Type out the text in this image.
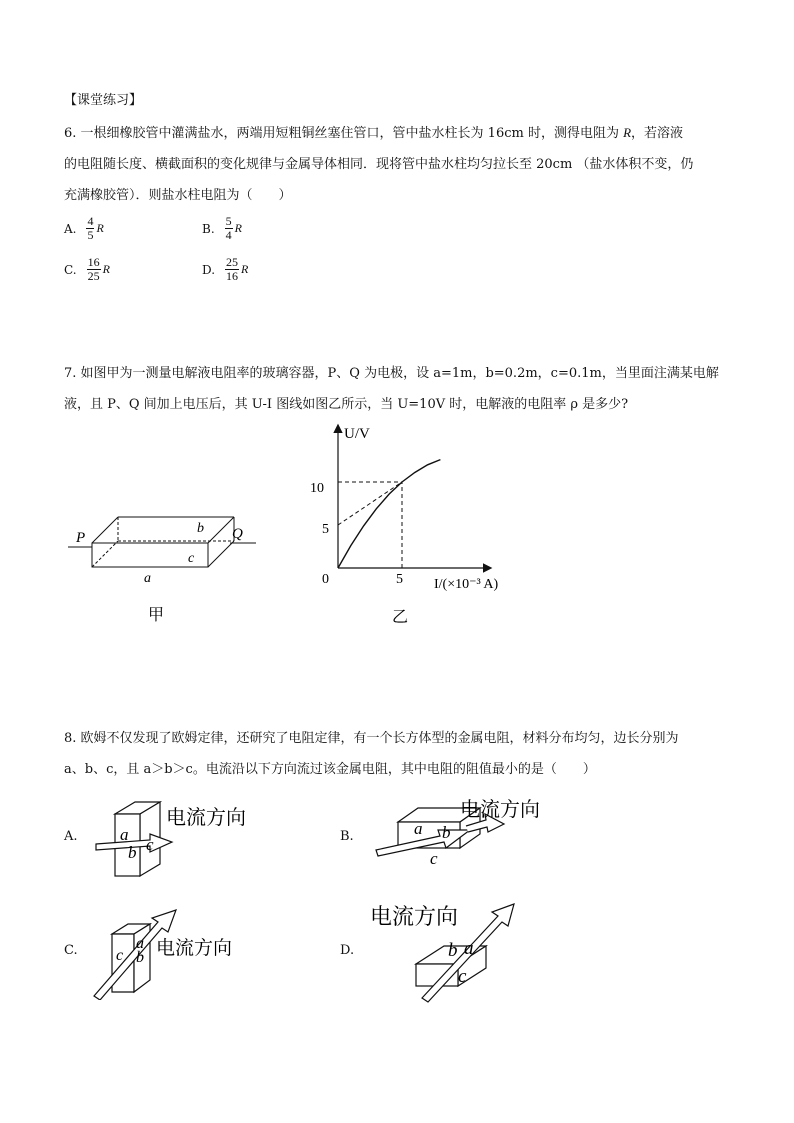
【课堂练习】
6. 一根细橡胶管中灌满盐水，两端用短粗铜丝塞住管口，管中盐水柱长为 16cm 时，测得电阻为 R，若溶液
的电阻随长度、横截面积的变化规律与金属导体相同．现将管中盐水柱均匀拉长至 20cm （盐水体积不变，仍
充满橡胶管）．则盐水柱电阻为（　　）
A. $\frac{4}{5}$ R	B. $\frac{5}{4}$ R
C. $\frac{16}{25}$ R	D. $\frac{25}{16}$ R
7. 如图甲为一测量电解液电阻率的玻璃容器，P、Q 为电极，设 a=1m，b=0.2m，c=0.1m，当里面注满某电解
液，且 P、Q 间加上电压后，其 U-I 图线如图乙所示，当 U=10V 时，电解液的电阻率 ρ 是多少?
P	Q
b
c
a
甲
U/V
I/(×10⁻³ A)
0
10
5
5
乙
8. 欧姆不仅发现了欧姆定律，还研究了电阻定律，有一个长方体型的金属电阻，材料分布均匀，边长分别为
a、b、c，且 a＞b＞c。电流沿以下方向流过该金属电阻，其中电阻的阻值最小的是（　　）
A. a
b c
电流方向
B.	a b
c
电流方向
C. c b
a 电流方向	D.	b a
c
电流方向
